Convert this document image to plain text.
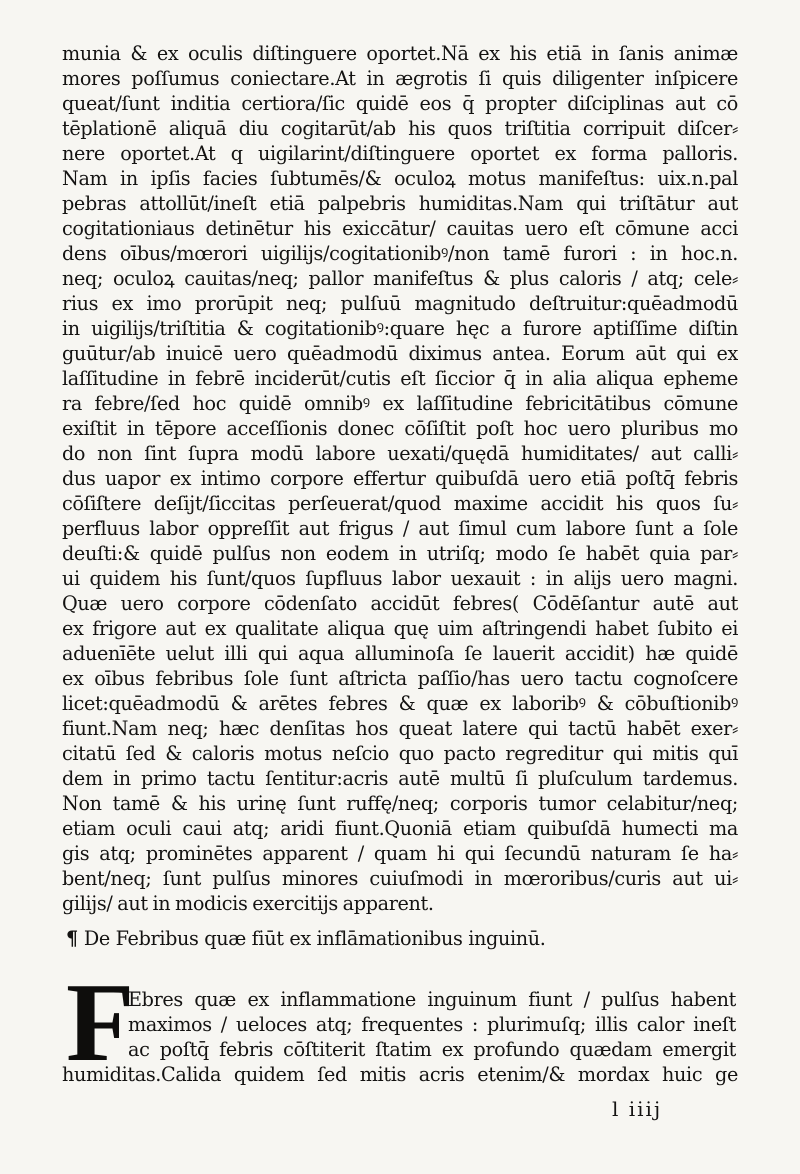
munia & ex oculis diſtinguere oportet.Nā ex his etiā in ſanis animæ
mores poſſumus coniectare.At in ægrotis ſi quis diligenter inſpicere
queat/ſunt inditia certiora/ſic quidē eos q̄ propter diſciplinas aut cō
tēplationē aliquā diu cogitarūt/ab his quos triſtitia corripuit diſcer⸗
nere oportet.At q uigilarint/diſtinguere oportet ex forma palloris.
Nam in ipſis facies ſubtumēs/& oculoꝝ motus manifeſtus: uix.n.pal
pebras attollūt/ineſt etiā palpebris humiditas.Nam qui triſtātur aut
cogitationiaus detinētur his exiccātur/ cauitas uero eſt cōmune acci
dens oībus/mœrori uigilijs/cogitationibꝰ/non tamē furori : in hoc.n.
neq; oculoꝝ cauitas/neq; pallor manifeſtus & plus caloris / atq; cele⸗
rius ex imo prorūpit neq; pulſuū magnitudo deſtruitur:quēadmodū
in uigilijs/triſtitia & cogitationibꝰ:quare hęc a furore aptiſſime diſtin
guūtur/ab inuicē uero quēadmodū diximus antea. Eorum aūt qui ex
laſſitudine in febrē inciderūt/cutis eſt ſiccior q̄ in alia aliqua epheme
ra febre/ſed hoc quidē omnibꝰ ex laſſitudine febricitātibus cōmune
exiſtit in tēpore acceſſionis donec cōſiſtit poſt hoc uero pluribus mo
do non ſint ſupra modū labore uexati/quędā humiditates/ aut calli⸗
dus uapor ex intimo corpore effertur quibuſdā uero etiā poſtq̄ febris
cōſiſtere deſijt/ſiccitas perſeuerat/quod maxime accidit his quos ſu⸗
perfluus labor oppreſſit aut frigus / aut ſimul cum labore ſunt a ſole
deuſti:& quidē pulſus non eodem in utriſq; modo ſe habēt quia par⸗
ui quidem his ſunt/quos ſupfluus labor uexauit : in alijs uero magni.
Quæ uero corpore cōdenſato accidūt febres( Cōdēſantur autē aut
ex frigore aut ex qualitate aliqua quę uim aſtringendi habet ſubito ei
aduenīēte uelut illi qui aqua alluminoſa ſe lauerit accidit) hæ quidē
ex oībus febribus ſole ſunt aſtricta paſſio/has uero tactu cognoſcere
licet:quēadmodū & arētes febres & quæ ex laboribꝰ & cōbuſtionibꝰ
fiunt.Nam neq; hæc denſitas hos queat latere qui tactū habēt exer⸗
citatū ſed & caloris motus neſcio quo pacto regreditur qui mitis quī
dem in primo tactu ſentitur:acris autē multū ſi pluſculum tardemus.
Non tamē & his urinę ſunt ruffę/neq; corporis tumor celabitur/neq;
etiam oculi caui atq; aridi fiunt.Quoniā etiam quibuſdā humecti ma
gis atq; prominētes apparent / quam hi qui ſecundū naturam ſe ha⸗
bent/neq; ſunt pulſus minores cuiuſmodi in mœroribus/curis aut ui⸗
gilijs/ aut in modicis exercitijs apparent.
¶ De Febribus quæ fiūt ex inflāmationibus inguinū.
F
Ebres quæ ex inflammatione inguinum fiunt / pulſus habent
maximos / ueloces atq; frequentes : plurimuſq; illis calor ineſt
ac poſtq̄ febris cōſtiterit ſtatim ex profundo quædam emergit
humiditas.Calida quidem ſed mitis acris etenim/& mordax huic ge
l iiij
